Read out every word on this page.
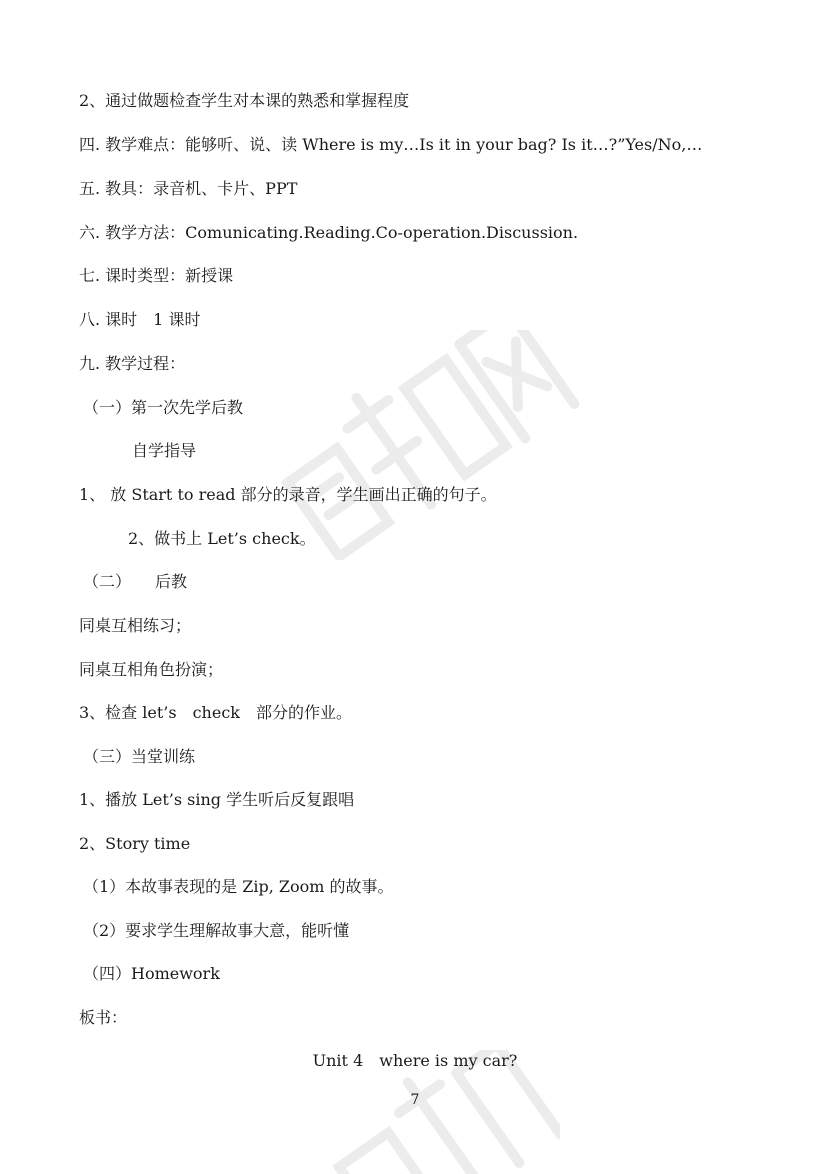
2、通过做题检查学生对本课的熟悉和掌握程度
四. 教学难点：能够听、说、读 Where is my…Is it in your bag? Is it…?”Yes/No,…
五. 教具：录音机、卡片、PPT
六. 教学方法：Comunicating.Reading.Co-operation.Discussion.
七. 课时类型：新授课
八. 课时　1 课时
九. 教学过程：
（一）第一次先学后教
自学指导
1、 放 Start to read 部分的录音，学生画出正确的句子。
2、做书上 Let’s check。
（二）　　后教
同桌互相练习；
同桌互相角色扮演；
3、检查 let’s　check　部分的作业。
（三）当堂训练
1、播放 Let’s sing 学生听后反复跟唱
2、Story time
（1）本故事表现的是 Zip, Zoom 的故事。
（2）要求学生理解故事大意，能听懂
（四）Homework
板书：
Unit 4　where is my car?
7
